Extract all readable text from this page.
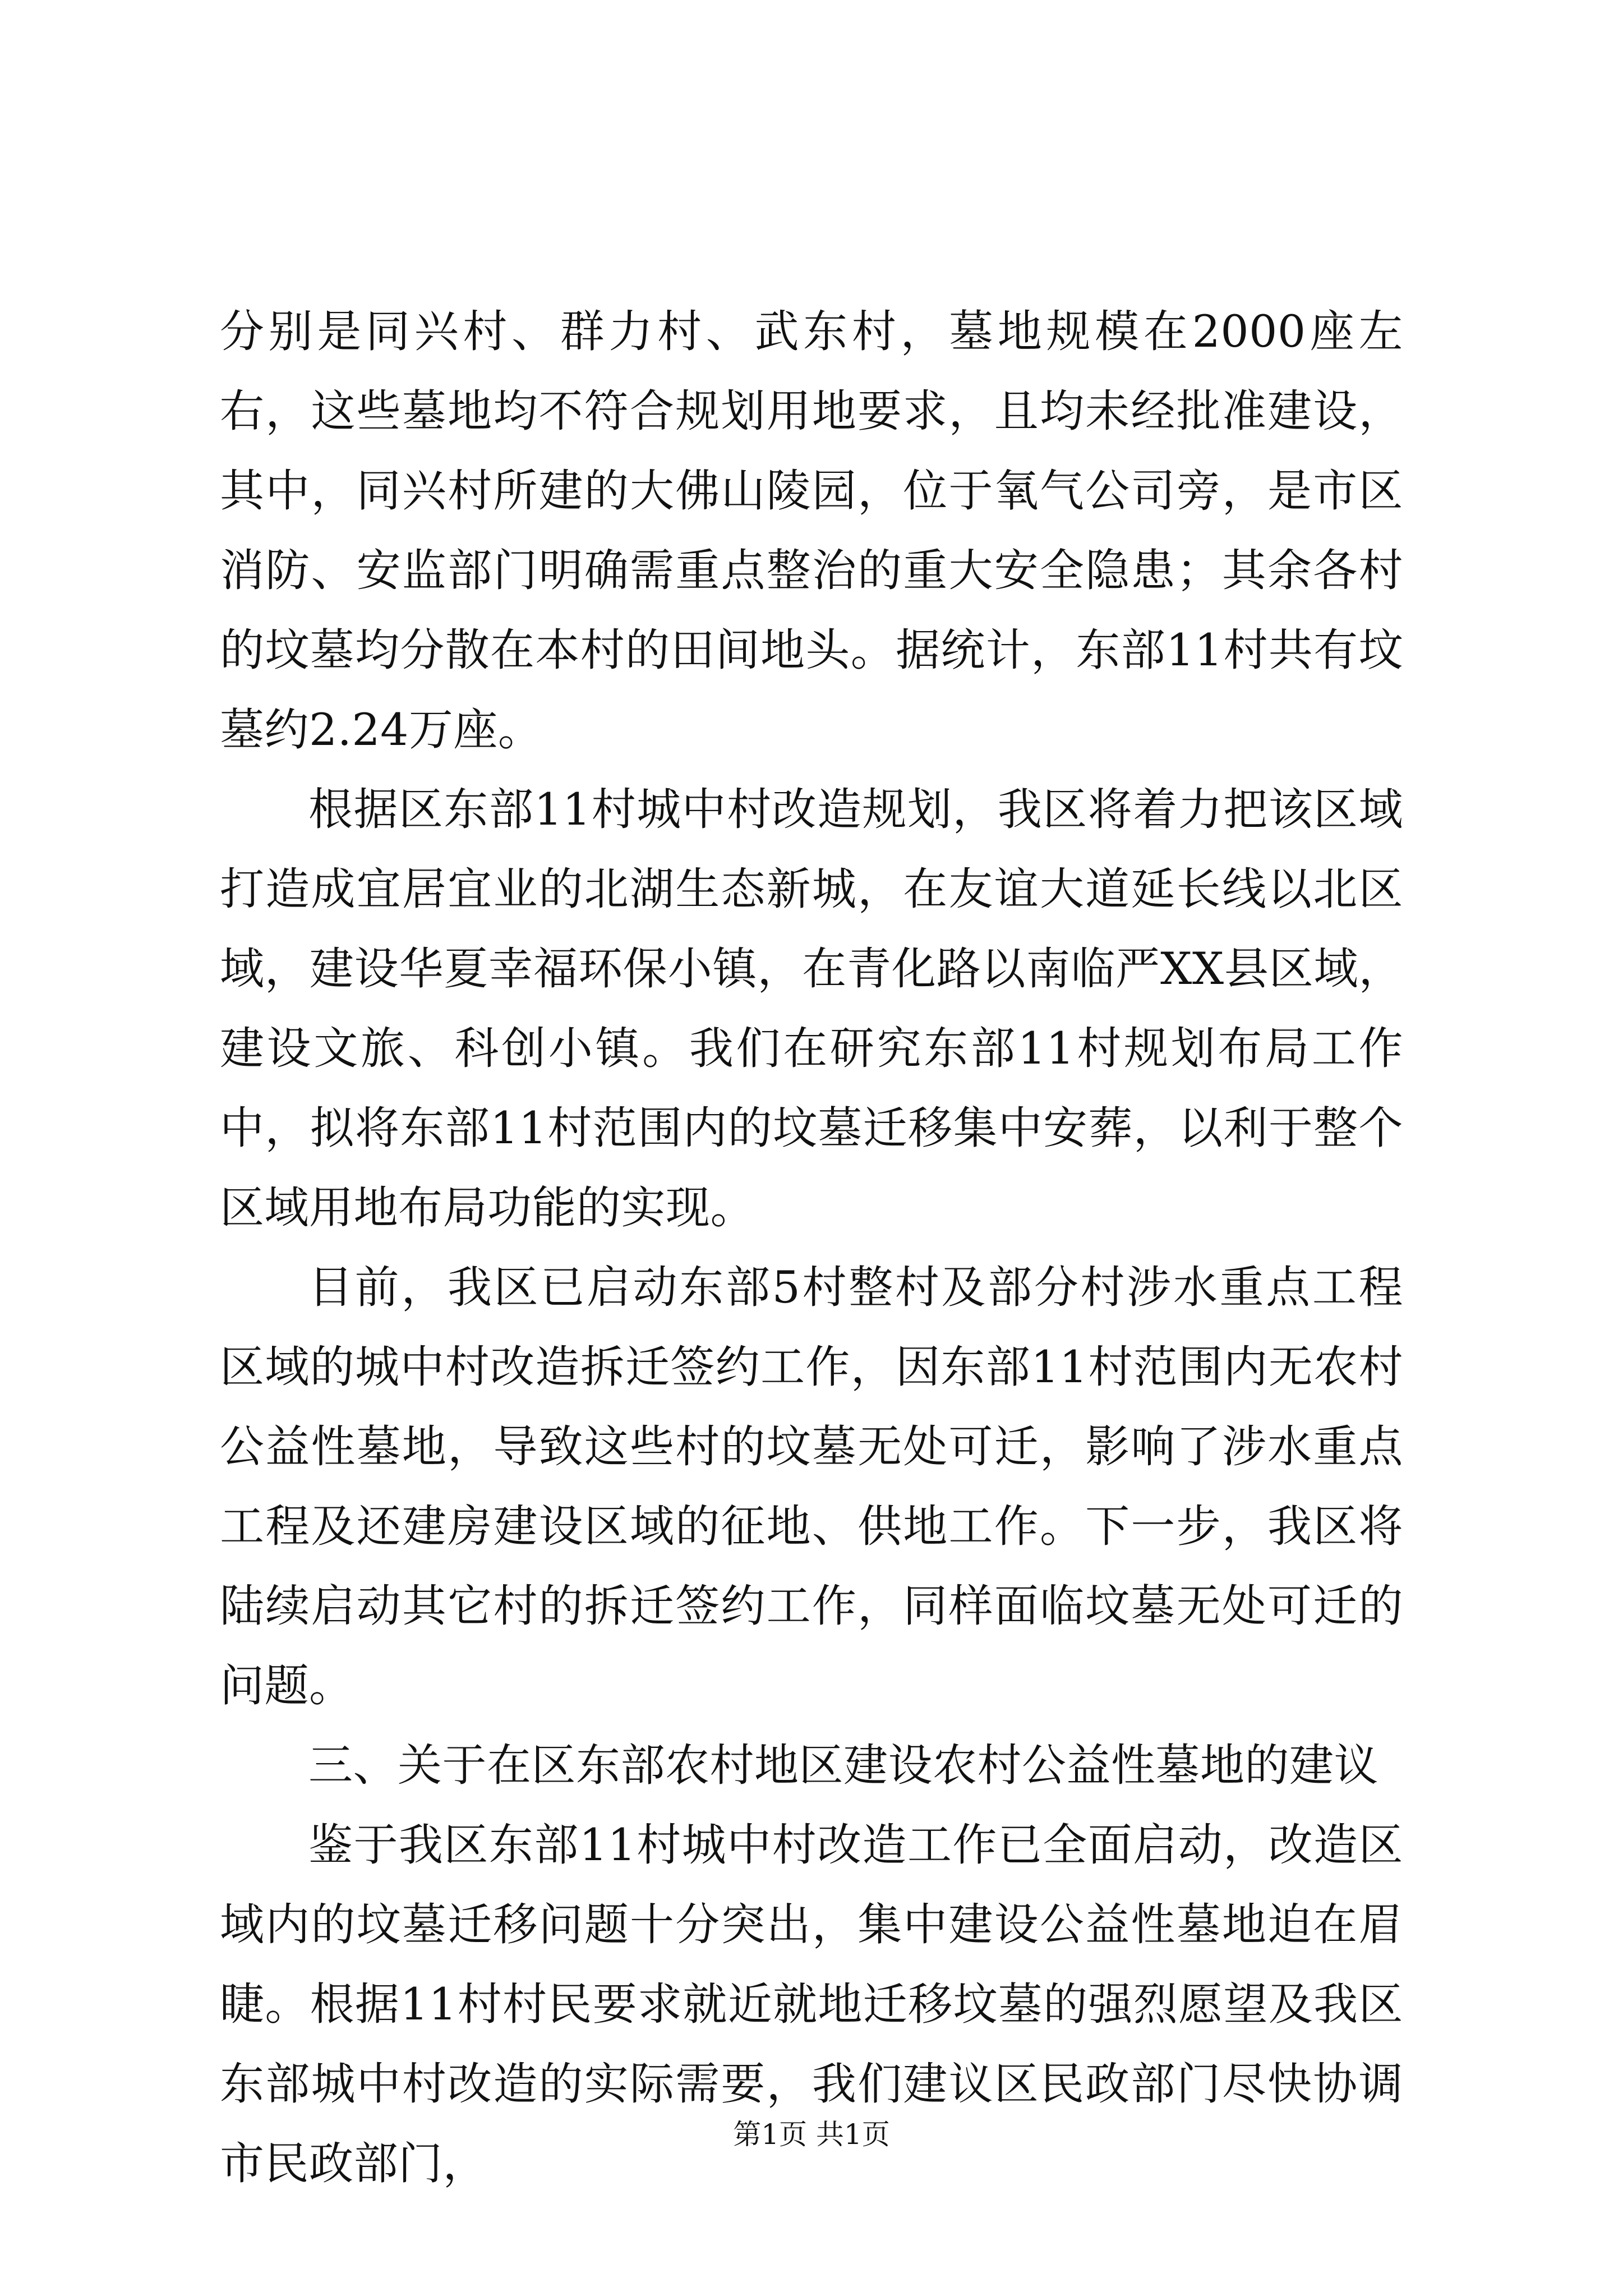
分别是同兴村、群力村、武东村，墓地规模在2000座左右，这些墓地均不符合规划用地要求，且均未经批准建设，其中，同兴村所建的大佛山陵园，位于氧气公司旁，是市区消防、安监部门明确需重点整治的重大安全隐患；其余各村的坟墓均分散在本村的田间地头。据统计，东部11村共有坟墓约2.24万座。

根据区东部11村城中村改造规划，我区将着力把该区域打造成宜居宜业的北湖生态新城，在友谊大道延长线以北区域，建设华夏幸福环保小镇，在青化路以南临严XX县区域，建设文旅、科创小镇。我们在研究东部11村规划布局工作中，拟将东部11村范围内的坟墓迁移集中安葬，以利于整个区域用地布局功能的实现。

目前，我区已启动东部5村整村及部分村涉水重点工程区域的城中村改造拆迁签约工作，因东部11村范围内无农村公益性墓地，导致这些村的坟墓无处可迁，影响了涉水重点工程及还建房建设区域的征地、供地工作。下一步，我区将陆续启动其它村的拆迁签约工作，同样面临坟墓无处可迁的问题。

三、关于在区东部农村地区建设农村公益性墓地的建议

鉴于我区东部11村城中村改造工作已全面启动，改造区域内的坟墓迁移问题十分突出，集中建设公益性墓地迫在眉睫。根据11村村民要求就近就地迁移坟墓的强烈愿望及我区东部城中村改造的实际需要，我们建议区民政部门尽快协调市民政部门，

第1页 共1页
